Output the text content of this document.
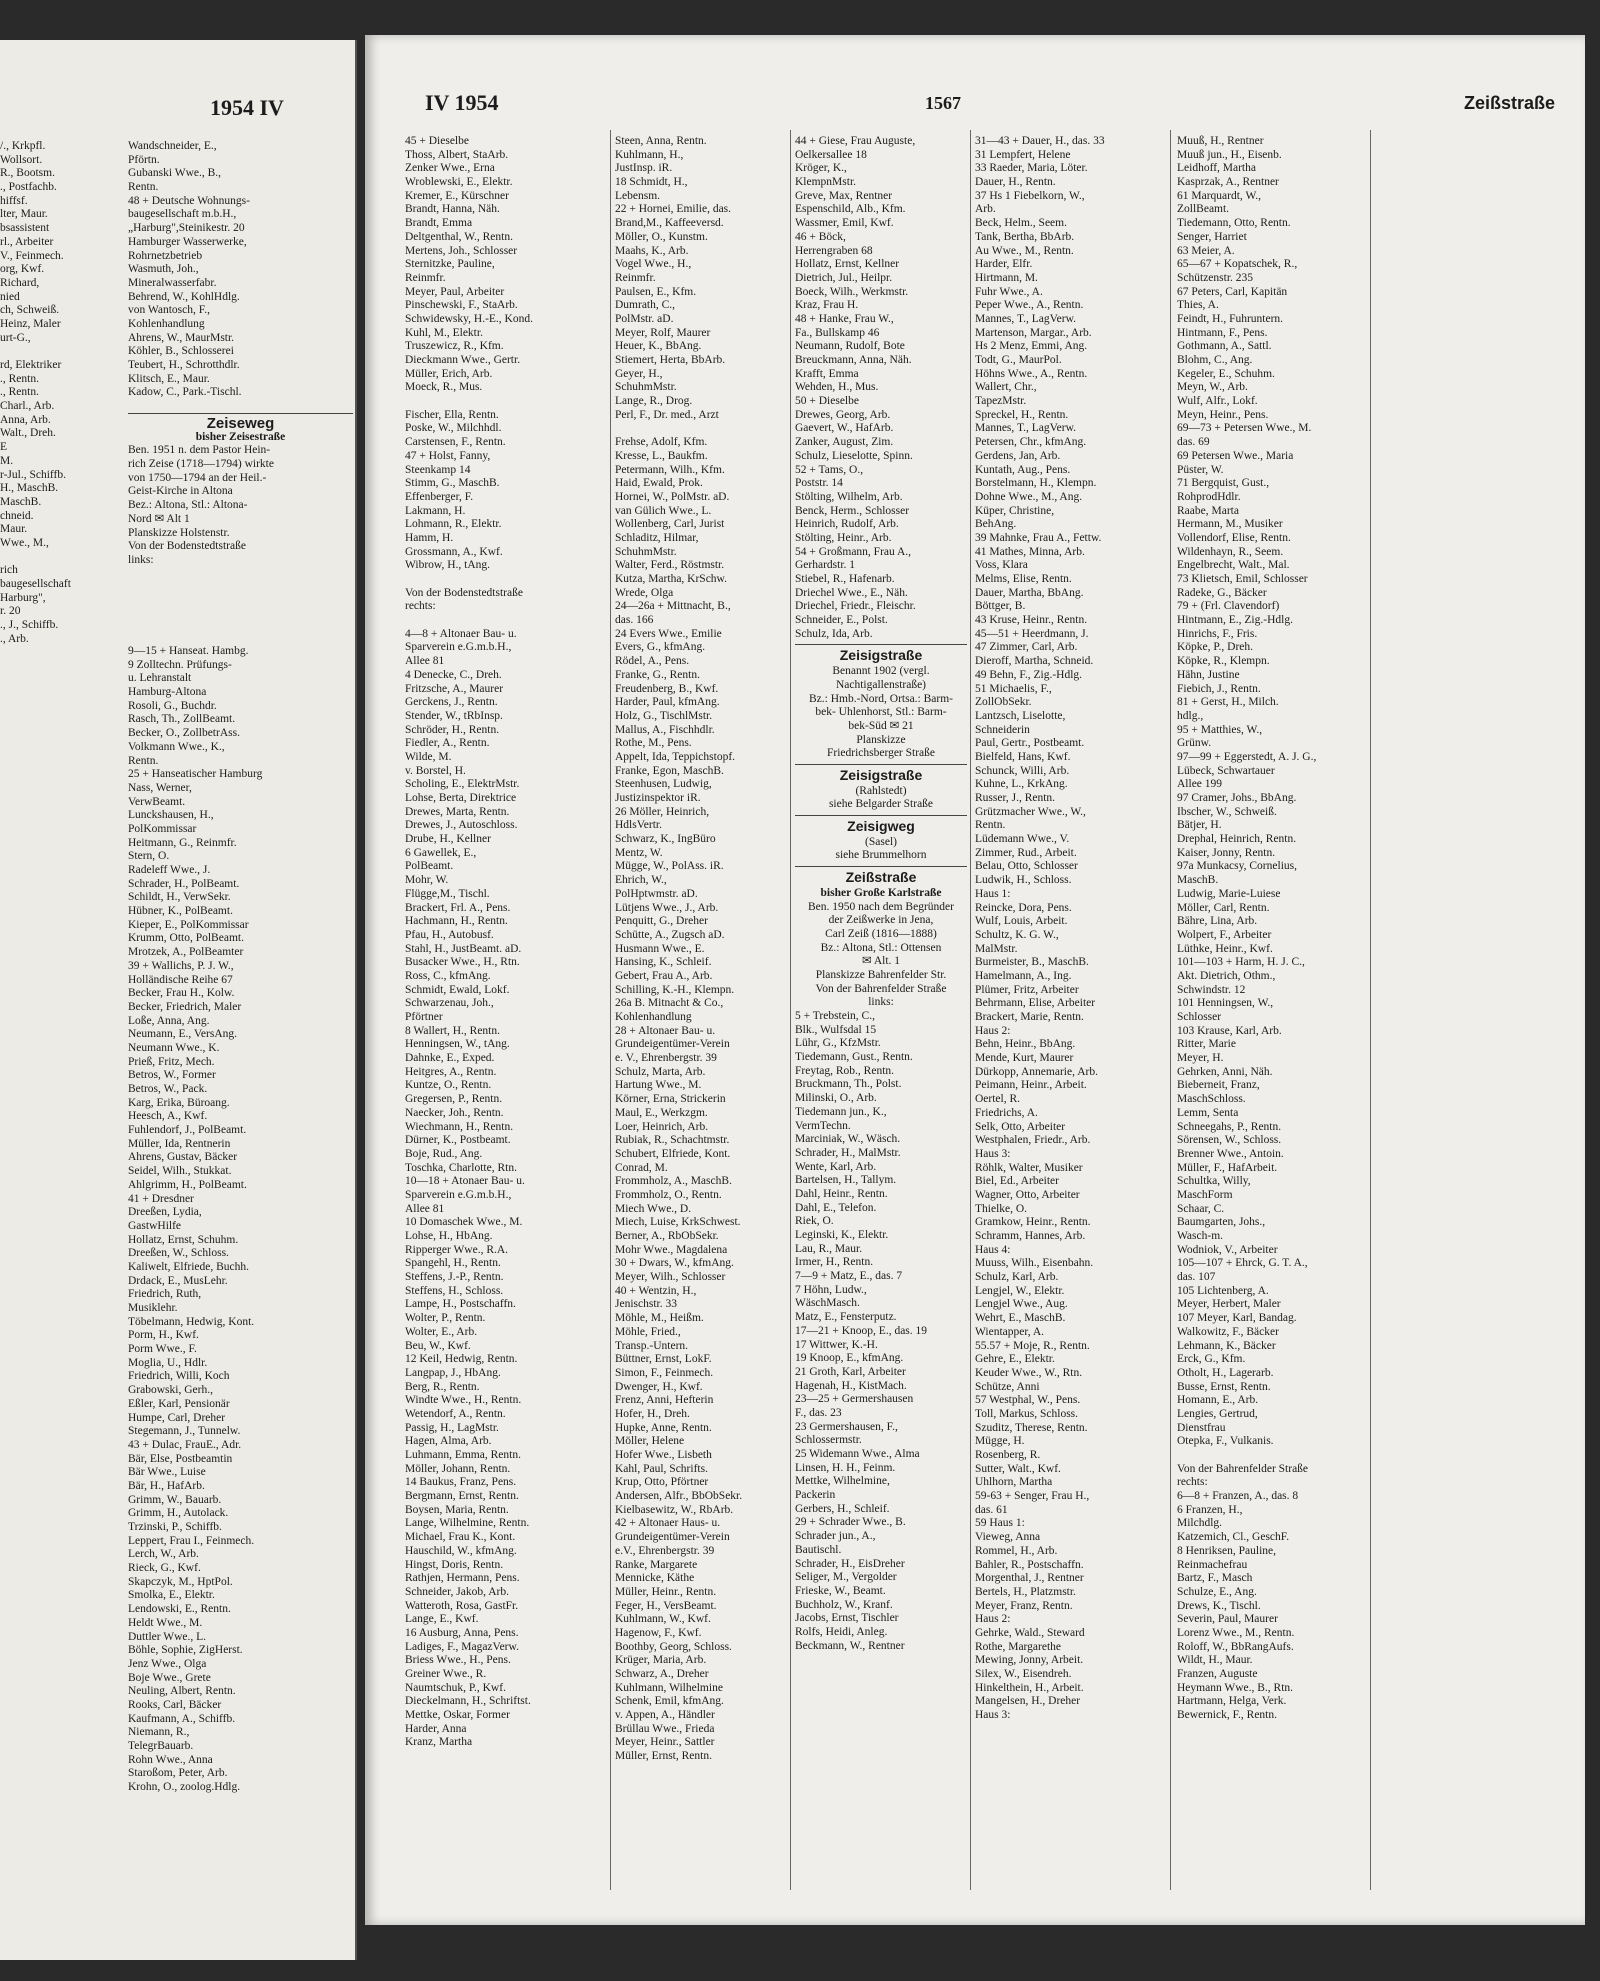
1954 IV
/., Krkpfl.
Wollsort.
R., Bootsm.
., Postfachb.
hiffsf.
lter, Maur.
bsassistent
rl., Arbeiter
V., Feinmech.
org, Kwf.
Richard,
nied
ch, Schweiß.
Heinz, Maler
urt-G.,
rd, Elektriker
., Rentn.
., Rentn.
Charl., Arb.
Anna, Arb.
Walt., Dreh.
E
M.
r-Jul., Schiffb.
H., MaschB.
MaschB.
chneid.
Maur.
Wwe., M.,
rich
baugesellschaft
Harburg",
r. 20
., J., Schiffb.
., Arb.
Wandschneider, E.,
Pförtn.
Gubanski Wwe., B.,
Rentn.
48 + Deutsche Wohnungs-
baugesellschaft m.b.H.,
„Harburg",Steinikestr. 20
Hamburger Wasserwerke,
Rohrnetzbetrieb
Wasmuth, Joh.,
Mineralwasserfabr.
Behrend, W., KohlHdlg.
von Wantosch, F.,
Kohlenhandlung
Ahrens, W., MaurMstr.
Köhler, B., Schlosserei
Teubert, H., Schrotthdlr.
Klitsch, E., Maur.
Kadow, C., Park.-Tischl.
Zeiseweg
bisher Zeisestraße
Ben. 1951 n. dem Pastor Hein-
rich Zeise (1718—1794) wirkte
von 1750—1794 an der Heil.-
Geist-Kirche in Altona
Bez.: Altona, Stl.: Altona-
Nord ✉ Alt 1
Planskizze Holstenstr.
Von der Bodenstedtstraße
links:
9—15 + Hanseat. Hambg.
9 Zolltechn. Prüfungs-
u. Lehranstalt
Hamburg-Altona
Rosoli, G., Buchdr.
Rasch, Th., ZollBeamt.
Becker, O., ZollbetrAss.
Volkmann Wwe., K.,
Rentn.
25 + Hanseatischer Hamburg
Nass, Werner,
VerwBeamt.
Lunckshausen, H.,
PolKommissar
Heitmann, G., Reinmfr.
Stern, O.
Radeleff Wwe., J.
Schrader, H., PolBeamt.
Schildt, H., VerwSekr.
Hübner, K., PolBeamt.
Kieper, E., PolKommissar
Krumm, Otto, PolBeamt.
Mrotzek, A., PolBeamter
39 + Wallichs, P. J. W.,
Holländische Reihe 67
Becker, Frau H., Kolw.
Becker, Friedrich, Maler
Loße, Anna, Ang.
Neumann, E., VersAng.
Neumann Wwe., K.
Prieß, Fritz, Mech.
Betros, W., Former
Betros, W., Pack.
Karg, Erika, Büroang.
Heesch, A., Kwf.
Fuhlendorf, J., PolBeamt.
Müller, Ida, Rentnerin
Ahrens, Gustav, Bäcker
Seidel, Wilh., Stukkat.
Ahlgrimm, H., PolBeamt.
41 + Dresdner
Dreeßen, Lydia,
GastwHilfe
Hollatz, Ernst, Schuhm.
Dreeßen, W., Schloss.
Kaliwelt, Elfriede, Buchh.
Drdack, E., MusLehr.
Friedrich, Ruth,
Musiklehr.
Töbelmann, Hedwig, Kont.
Porm, H., Kwf.
Porm Wwe., F.
Moglia, U., Hdlr.
Friedrich, Willi, Koch
Grabowski, Gerh.,
Eßler, Karl, Pensionär
Humpe, Carl, Dreher
Stegemann, J., Tunnelw.
43 + Dulac, FrauE., Adr.
Bär, Else, Postbeamtin
Bär Wwe., Luise
Bär, H., HafArb.
Grimm, W., Bauarb.
Grimm, H., Autolack.
Trzinski, P., Schiffb.
Leppert, Frau I., Feinmech.
Lerch, W., Arb.
Rieck, G., Kwf.
Skapczyk, M., HptPol.
Smolka, E., Elektr.
Lendowski, E., Rentn.
Heldt Wwe., M.
Duttler Wwe., L.
Böhle, Sophie, ZigHerst.
Jenz Wwe., Olga
Boje Wwe., Grete
Neuling, Albert, Rentn.
Rooks, Carl, Bäcker
Kaufmann, A., Schiffb.
Niemann, R.,
TelegrBauarb.
Rohn Wwe., Anna
Staroßom, Peter, Arb.
Krohn, O., zoolog.Hdlg.
IV 1954	1567	Zeißstraße
45 + Dieselbe
Thoss, Albert, StaArb.
Zenker Wwe., Erna
Wroblewski, E., Elektr.
Kremer, E., Kürschner
Brandt, Hanna, Näh.
Brandt, Emma
Deltgenthal, W., Rentn.
Mertens, Joh., Schlosser
Sternitzke, Pauline,
Reinmfr.
Meyer, Paul, Arbeiter
Pinschewski, F., StaArb.
Schwidewsky, H.-E., Kond.
Kuhl, M., Elektr.
Truszewicz, R., Kfm.
Dieckmann Wwe., Gertr.
Müller, Erich, Arb.
Moeck, R., Mus.
Fischer, Ella, Rentn.
Poske, W., Milchhdl.
Carstensen, F., Rentn.
47 + Holst, Fanny,
Steenkamp 14
Stimm, G., MaschB.
Effenberger, F.
Lakmann, H.
Lohmann, R., Elektr.
Hamm, H.
Grossmann, A., Kwf.
Wibrow, H., tAng.
Von der Bodenstedtstraße
rechts:
4—8 + Altonaer Bau- u.
Sparverein e.G.m.b.H.,
Allee 81
4 Denecke, C., Dreh.
Fritzsche, A., Maurer
Gerckens, J., Rentn.
Stender, W., tRbInsp.
Schröder, H., Rentn.
Fiedler, A., Rentn.
Wilde, M.
v. Borstel, H.
Scholing, E., ElektrMstr.
Lohse, Berta, Direktrice
Drewes, Marta, Rentn.
Drewes, J., Autoschloss.
Drube, H., Kellner
6 Gawellek, E.,
PolBeamt.
Mohr, W.
Flügge,M., Tischl.
Brackert, Frl. A., Pens.
Hachmann, H., Rentn.
Pfau, H., Autobusf.
Stahl, H., JustBeamt. aD.
Busacker Wwe., H., Rtn.
Ross, C., kfmAng.
Schmidt, Ewald, Lokf.
Schwarzenau, Joh.,
Pförtner
8 Wallert, H., Rentn.
Henningsen, W., tAng.
Dahnke, E., Exped.
Heitgres, A., Rentn.
Kuntze, O., Rentn.
Gregersen, P., Rentn.
Naecker, Joh., Rentn.
Wiechmann, H., Rentn.
Dürner, K., Postbeamt.
Boje, Rud., Ang.
Toschka, Charlotte, Rtn.
10—18 + Atonaer Bau- u.
Sparverein e.G.m.b.H.,
Allee 81
10 Domaschek Wwe., M.
Lohse, H., HbAng.
Ripperger Wwe., R.A.
Spangehl, H., Rentn.
Steffens, J.-P., Rentn.
Steffens, H., Schloss.
Lampe, H., Postschaffn.
Wolter, P., Rentn.
Wolter, E., Arb.
Beu, W., Kwf.
12 Keil, Hedwig, Rentn.
Langpap, J., HbAng.
Berg, R., Rentn.
Windte Wwe., H., Rentn.
Wetendorf, A., Rentn.
Passig, H., LagMstr.
Hagen, Alma, Arb.
Luhmann, Emma, Rentn.
Möller, Johann, Rentn.
14 Baukus, Franz, Pens.
Bergmann, Ernst, Rentn.
Boysen, Maria, Rentn.
Lange, Wilhelmine, Rentn.
Michael, Frau K., Kont.
Hauschild, W., kfmAng.
Hingst, Doris, Rentn.
Rathjen, Hermann, Pens.
Schneider, Jakob, Arb.
Watteroth, Rosa, GastFr.
Lange, E., Kwf.
16 Ausburg, Anna, Pens.
Ladiges, F., MagazVerw.
Briess Wwe., H., Pens.
Greiner Wwe., R.
Naumtschuk, P., Kwf.
Dieckelmann, H., Schriftst.
Mettke, Oskar, Former
Harder, Anna
Kranz, Martha
Steen, Anna, Rentn.
Kuhlmann, H.,
JustInsp. iR.
18 Schmidt, H.,
Lebensm.
22 + Hornei, Emilie, das.
Brand,M., Kaffeeversd.
Möller, O., Kunstm.
Maahs, K., Arb.
Vogel Wwe., H.,
Reinmfr.
Paulsen, E., Kfm.
Dumrath, C.,
PolMstr. aD.
Meyer, Rolf, Maurer
Heuer, K., BbAng.
Stiemert, Herta, BbArb.
Geyer, H.,
SchuhmMstr.
Lange, R., Drog.
Perl, F., Dr. med., Arzt
Frehse, Adolf, Kfm.
Kresse, L., Baukfm.
Petermann, Wilh., Kfm.
Haid, Ewald, Prok.
Hornei, W., PolMstr. aD.
van Gülich Wwe., L.
Wollenberg, Carl, Jurist
Schladitz, Hilmar,
SchuhmMstr.
Walter, Ferd., Röstmstr.
Kutza, Martha, KrSchw.
Wrede, Olga
24—26a + Mittnacht, B.,
das. 166
24 Evers Wwe., Emilie
Evers, G., kfmAng.
Rödel, A., Pens.
Franke, G., Rentn.
Freudenberg, B., Kwf.
Harder, Paul, kfmAng.
Holz, G., TischlMstr.
Mallus, A., Fischhdlr.
Rothe, M., Pens.
Appelt, Ida, Teppichstopf.
Franke, Egon, MaschB.
Steenhusen, Ludwig,
Justizinspektor iR.
26 Möller, Heinrich,
HdlsVertr.
Schwarz, K., IngBüro
Mentz, W.
Mügge, W., PolAss. iR.
Ehrich, W.,
PolHptwmstr. aD.
Lütjens Wwe., J., Arb.
Penquitt, G., Dreher
Schütte, A., Zugsch aD.
Husmann Wwe., E.
Hansing, K., Schleif.
Gebert, Frau A., Arb.
Schilling, K.-H., Klempn.
26a B. Mitnacht & Co.,
Kohlenhandlung
28 + Altonaer Bau- u.
Grundeigentümer-Verein
e. V., Ehrenbergstr. 39
Schulz, Marta, Arb.
Hartung Wwe., M.
Körner, Erna, Strickerin
Maul, E., Werkzgm.
Loer, Heinrich, Arb.
Rubiak, R., Schachtmstr.
Schubert, Elfriede, Kont.
Conrad, M.
Frommholz, A., MaschB.
Frommholz, O., Rentn.
Miech Wwe., D.
Miech, Luise, KrkSchwest.
Berner, A., RbObSekr.
Mohr Wwe., Magdalena
30 + Dwars, W., kfmAng.
Meyer, Wilh., Schlosser
40 + Wentzin, H.,
Jenischstr. 33
Möhle, M., Heißm.
Möhle, Fried.,
Transp.-Untern.
Büttner, Ernst, LokF.
Simon, F., Feinmech.
Dwenger, H., Kwf.
Frenz, Anni, Hefterin
Hofer, H., Dreh.
Hupke, Anne, Rentn.
Möller, Helene
Hofer Wwe., Lisbeth
Kahl, Paul, Schrifts.
Krup, Otto, Pförtner
Andersen, Alfr., BbObSekr.
Kielbasewitz, W., RbArb.
42 + Altonaer Haus- u.
Grundeigentümer-Verein
e.V., Ehrenbergstr. 39
Ranke, Margarete
Mennicke, Käthe
Müller, Heinr., Rentn.
Feger, H., VersBeamt.
Kuhlmann, W., Kwf.
Hagenow, F., Kwf.
Boothby, Georg, Schloss.
Krüger, Maria, Arb.
Schwarz, A., Dreher
Kuhlmann, Wilhelmine
Schenk, Emil, kfmAng.
v. Appen, A., Händler
Brüllau Wwe., Frieda
Meyer, Heinr., Sattler
Müller, Ernst, Rentn.
44 + Giese, Frau Auguste,
Oelkersallee 18
Kröger, K.,
KlempnMstr.
Greve, Max, Rentner
Espenschild, Alb., Kfm.
Wassmer, Emil, Kwf.
46 + Böck,
Herrengraben 68
Hollatz, Ernst, Kellner
Dietrich, Jul., Heilpr.
Boeck, Wilh., Werkmstr.
Kraz, Frau H.
48 + Hanke, Frau W.,
Fa., Bullskamp 46
Neumann, Rudolf, Bote
Breuckmann, Anna, Näh.
Krafft, Emma
Wehden, H., Mus.
50 + Dieselbe
Drewes, Georg, Arb.
Gaevert, W., HafArb.
Zanker, August, Zim.
Schulz, Lieselotte, Spinn.
52 + Tams, O.,
Poststr. 14
Stölting, Wilhelm, Arb.
Benck, Herm., Schlosser
Heinrich, Rudolf, Arb.
Stölting, Heinr., Arb.
54 + Großmann, Frau A.,
Gerhardstr. 1
Stiebel, R., Hafenarb.
Driechel Wwe., E., Näh.
Driechel, Friedr., Fleischr.
Schneider, E., Polst.
Schulz, Ida, Arb.
Zeisigstraße
Benannt 1902 (vergl.
Nachtigallenstraße)
Bz.: Hmb.-Nord, Ortsa.: Barm-
bek- Uhlenhorst, Stl.: Barm-
bek-Süd ✉ 21
Planskizze
Friedrichsberger Straße
Zeisigstraße
(Rahlstedt)
siehe Belgarder Straße
Zeisigweg
(Sasel)
siehe Brummelhorn
Zeißstraße
bisher Große Karlstraße
Ben. 1950 nach dem Begründer
der Zeißwerke in Jena,
Carl Zeiß (1816—1888)
Bz.: Altona, Stl.: Ottensen
✉ Alt. 1
Planskizze Bahrenfelder Str.
Von der Bahrenfelder Straße
links:
5 + Trebstein, C.,
Blk., Wulfsdal 15
Lühr, G., KfzMstr.
Tiedemann, Gust., Rentn.
Freytag, Rob., Rentn.
Bruckmann, Th., Polst.
Milinski, O., Arb.
Tiedemann jun., K.,
VermTechn.
Marciniak, W., Wäsch.
Schrader, H., MalMstr.
Wente, Karl, Arb.
Bartelsen, H., Tallym.
Dahl, Heinr., Rentn.
Dahl, E., Telefon.
Riek, O.
Leginski, K., Elektr.
Lau, R., Maur.
Irmer, H., Rentn.
7—9 + Matz, E., das. 7
7 Höhn, Ludw.,
WäschMasch.
Matz, E., Fensterputz.
17—21 + Knoop, E., das. 19
17 Wittwer, K.-H.
19 Knoop, E., kfmAng.
21 Groth, Karl, Arbeiter
Hagenah, H., KistMach.
23—25 + Germershausen
F., das. 23
23 Germershausen, F.,
Schlossermstr.
25 Widemann Wwe., Alma
Linsen, H. H., Feinm.
Mettke, Wilhelmine,
Packerin
Gerbers, H., Schleif.
29 + Schrader Wwe., B.
Schrader jun., A.,
Bautischl.
Schrader, H., EisDreher
Seliger, M., Vergolder
Frieske, W., Beamt.
Buchholz, W., Kranf.
Jacobs, Ernst, Tischler
Rolfs, Heidi, Anleg.
Beckmann, W., Rentner
31—43 + Dauer, H., das. 33
31 Lempfert, Helene
33 Raeder, Maria, Löter.
Dauer, H., Rentn.
37 Hs 1 Fiebelkorn, W.,
Arb.
Beck, Helm., Seem.
Tank, Bertha, BbArb.
Au Wwe., M., Rentn.
Harder, Elfr.
Hirtmann, M.
Fuhr Wwe., A.
Peper Wwe., A., Rentn.
Mannes, T., LagVerw.
Martenson, Margar., Arb.
Hs 2 Menz, Emmi, Ang.
Todt, G., MaurPol.
Höhns Wwe., A., Rentn.
Wallert, Chr.,
TapezMstr.
Spreckel, H., Rentn.
Mannes, T., LagVerw.
Petersen, Chr., kfmAng.
Gerdens, Jan, Arb.
Kuntath, Aug., Pens.
Borstelmann, H., Klempn.
Dohne Wwe., M., Ang.
Küper, Christine,
BehAng.
39 Mahnke, Frau A., Fettw.
41 Mathes, Minna, Arb.
Voss, Klara
Melms, Elise, Rentn.
Dauer, Martha, BbAng.
Böttger, B.
43 Kruse, Heinr., Rentn.
45—51 + Heerdmann, J.
47 Zimmer, Carl, Arb.
Dieroff, Martha, Schneid.
49 Behn, F., Zig.-Hdlg.
51 Michaelis, F.,
ZollObSekr.
Lantzsch, Liselotte,
Schneiderin
Paul, Gertr., Postbeamt.
Bielfeld, Hans, Kwf.
Schunck, Willi, Arb.
Kuhne, L., KrkAng.
Russer, J., Rentn.
Grützmacher Wwe., W.,
Rentn.
Lüdemann Wwe., V.
Zimmer, Rud., Arbeit.
Belau, Otto, Schlosser
Ludwik, H., Schloss.
Haus 1:
Reincke, Dora, Pens.
Wulf, Louis, Arbeit.
Schultz, K. G. W.,
MalMstr.
Burmeister, B., MaschB.
Hamelmann, A., Ing.
Plümer, Fritz, Arbeiter
Behrmann, Elise, Arbeiter
Brackert, Marie, Rentn.
Haus 2:
Behn, Heinr., BbAng.
Mende, Kurt, Maurer
Dürkopp, Annemarie, Arb.
Peimann, Heinr., Arbeit.
Oertel, R.
Friedrichs, A.
Selk, Otto, Arbeiter
Westphalen, Friedr., Arb.
Haus 3:
Röhlk, Walter, Musiker
Biel, Ed., Arbeiter
Wagner, Otto, Arbeiter
Thielke, O.
Gramkow, Heinr., Rentn.
Schramm, Hannes, Arb.
Haus 4:
Muuss, Wilh., Eisenbahn.
Schulz, Karl, Arb.
Lengjel, W., Elektr.
Lengjel Wwe., Aug.
Wehrt, E., MaschB.
Wientapper, A.
55.57 + Moje, R., Rentn.
Gehre, E., Elektr.
Keuder Wwe., W., Rtn.
Schütze, Anni
57 Westphal, W., Pens.
Toll, Markus, Schloss.
Szuditz, Therese, Rentn.
Mügge, H.
Rosenberg, R.
Sutter, Walt., Kwf.
Uhlhorn, Martha
59-63 + Senger, Frau H.,
das. 61
59 Haus 1:
Vieweg, Anna
Rommel, H., Arb.
Bahler, R., Postschaffn.
Morgenthal, J., Rentner
Bertels, H., Platzmstr.
Meyer, Franz, Rentn.
Haus 2:
Gehrke, Wald., Steward
Rothe, Margarethe
Mewing, Jonny, Arbeit.
Silex, W., Eisendreh.
Hinkelthein, H., Arbeit.
Mangelsen, H., Dreher
Haus 3:
Muuß, H., Rentner
Muuß jun., H., Eisenb.
Leidhoff, Martha
Kasprzak, A., Rentner
61 Marquardt, W.,
ZollBeamt.
Tiedemann, Otto, Rentn.
Senger, Harriet
63 Meier, A.
65—67 + Kopatschek, R.,
Schützenstr. 235
67 Peters, Carl, Kapitän
Thies, A.
Feindt, H., Fuhruntern.
Hintmann, F., Pens.
Gothmann, A., Sattl.
Blohm, C., Ang.
Kegeler, E., Schuhm.
Meyn, W., Arb.
Wulf, Alfr., Lokf.
Meyn, Heinr., Pens.
69—73 + Petersen Wwe., M.
das. 69
69 Petersen Wwe., Maria
Püster, W.
71 Bergquist, Gust.,
RohprodHdlr.
Raabe, Marta
Hermann, M., Musiker
Vollendorf, Elise, Rentn.
Wildenhayn, R., Seem.
Engelbrecht, Walt., Mal.
73 Klietsch, Emil, Schlosser
Radeke, G., Bäcker
79 + (Frl. Clavendorf)
Hintmann, E., Zig.-Hdlg.
Hinrichs, F., Fris.
Köpke, P., Dreh.
Köpke, R., Klempn.
Hähn, Justine
Fiebich, J., Rentn.
81 + Gerst, H., Milch.
hdlg.,
95 + Matthies, W.,
Grünw.
97—99 + Eggerstedt, A. J. G.,
Lübeck, Schwartauer
Allee 199
97 Cramer, Johs., BbAng.
Ibscher, W., Schweiß.
Bätjer, H.
Drephal, Heinrich, Rentn.
Kaiser, Jonny, Rentn.
97a Munkacsy, Cornelius,
MaschB.
Ludwig, Marie-Luiese
Möller, Carl, Rentn.
Bähre, Lina, Arb.
Wolpert, F., Arbeiter
Lüthke, Heinr., Kwf.
101—103 + Harm, H. J. C.,
Akt. Dietrich, Othm.,
Schwindstr. 12
101 Henningsen, W.,
Schlosser
103 Krause, Karl, Arb.
Ritter, Marie
Meyer, H.
Gehrken, Anni, Näh.
Bieberneit, Franz,
MaschSchloss.
Lemm, Senta
Schneegahs, P., Rentn.
Sörensen, W., Schloss.
Brenner Wwe., Antoin.
Müller, F., HafArbeit.
Schultka, Willy,
MaschForm
Schaar, C.
Baumgarten, Johs.,
Wasch-m.
Wodniok, V., Arbeiter
105—107 + Ehrck, G. T. A.,
das. 107
105 Lichtenberg, A.
Meyer, Herbert, Maler
107 Meyer, Karl, Bandag.
Walkowitz, F., Bäcker
Lehmann, K., Bäcker
Erck, G., Kfm.
Otholt, H., Lagerarb.
Busse, Ernst, Rentn.
Homann, E., Arb.
Lengies, Gertrud,
Dienstfrau
Otepka, F., Vulkanis.
Von der Bahrenfelder Straße
rechts:
6—8 + Franzen, A., das. 8
6 Franzen, H.,
Milchdlg.
Katzemich, Cl., GeschF.
8 Henriksen, Pauline,
Reinmachefrau
Bartz, F., Masch
Schulze, E., Ang.
Drews, K., Tischl.
Severin, Paul, Maurer
Lorenz Wwe., M., Rentn.
Roloff, W., BbRangAufs.
Wildt, H., Maur.
Franzen, Auguste
Heymann Wwe., B., Rtn.
Hartmann, Helga, Verk.
Bewernick, F., Rentn.
